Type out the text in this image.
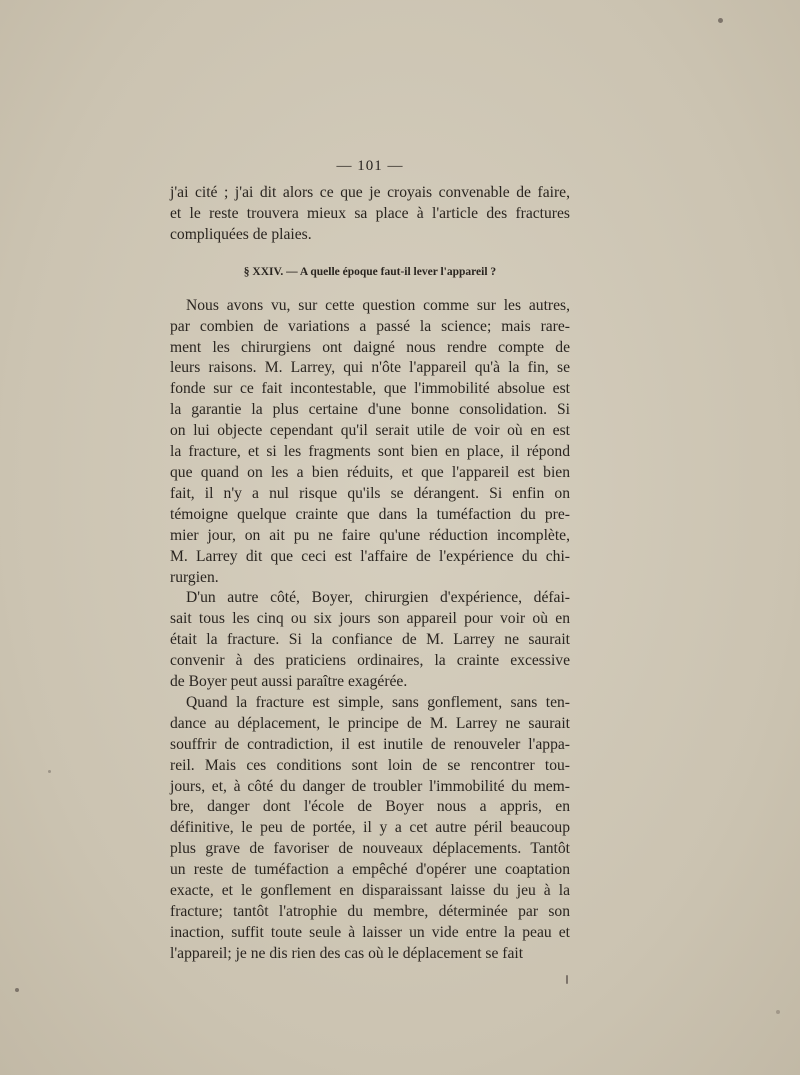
— 101 —
j'ai cité ; j'ai dit alors ce que je croyais convenable de faire,
et le reste trouvera mieux sa place à l'article des fractures
compliquées de plaies.
§ XXIV. — A quelle époque faut-il lever l'appareil ?
Nous avons vu, sur cette question comme sur les autres,
par combien de variations a passé la science; mais rare-
ment les chirurgiens ont daigné nous rendre compte de
leurs raisons. M. Larrey, qui n'ôte l'appareil qu'à la fin, se
fonde sur ce fait incontestable, que l'immobilité absolue est
la garantie la plus certaine d'une bonne consolidation. Si
on lui objecte cependant qu'il serait utile de voir où en est
la fracture, et si les fragments sont bien en place, il répond
que quand on les a bien réduits, et que l'appareil est bien
fait, il n'y a nul risque qu'ils se dérangent. Si enfin on
témoigne quelque crainte que dans la tuméfaction du pre-
mier jour, on ait pu ne faire qu'une réduction incomplète,
M. Larrey dit que ceci est l'affaire de l'expérience du chi-
rurgien.
D'un autre côté, Boyer, chirurgien d'expérience, défai-
sait tous les cinq ou six jours son appareil pour voir où en
était la fracture. Si la confiance de M. Larrey ne saurait
convenir à des praticiens ordinaires, la crainte excessive
de Boyer peut aussi paraître exagérée.
Quand la fracture est simple, sans gonflement, sans ten-
dance au déplacement, le principe de M. Larrey ne saurait
souffrir de contradiction, il est inutile de renouveler l'appa-
reil. Mais ces conditions sont loin de se rencontrer tou-
jours, et, à côté du danger de troubler l'immobilité du mem-
bre, danger dont l'école de Boyer nous a appris, en
définitive, le peu de portée, il y a cet autre péril beaucoup
plus grave de favoriser de nouveaux déplacements. Tantôt
un reste de tuméfaction a empêché d'opérer une coaptation
exacte, et le gonflement en disparaissant laisse du jeu à la
fracture; tantôt l'atrophie du membre, déterminée par son
inaction, suffit toute seule à laisser un vide entre la peau et
l'appareil; je ne dis rien des cas où le déplacement se fait
